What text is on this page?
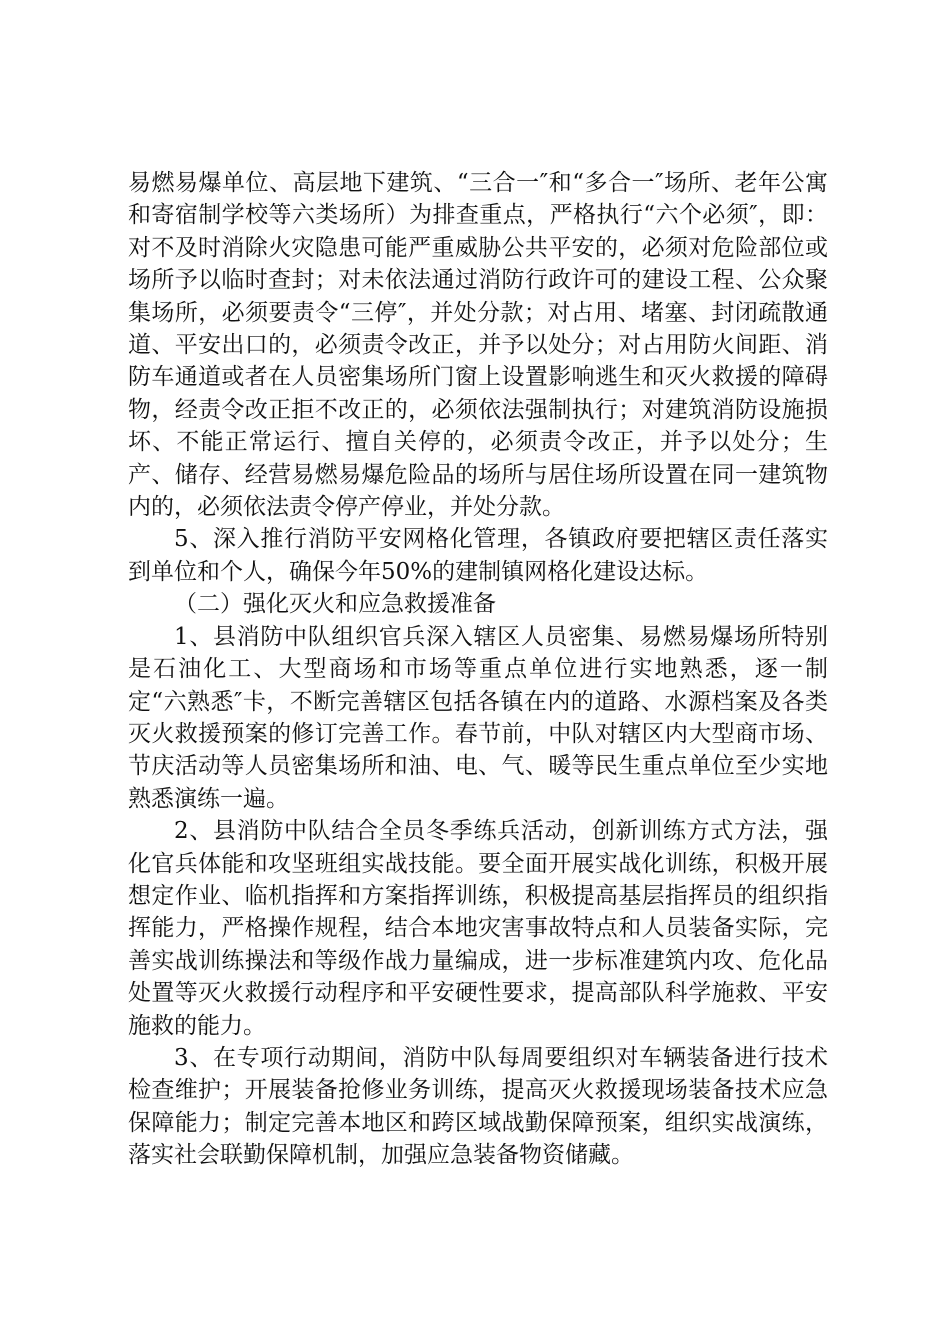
易燃易爆单位、高层地下建筑、“三合一″和“多合一″场所、老年公寓和寄宿制学校等六类场所）为排查重点，严格执行“六个必须″，即：对不及时消除火灾隐患可能严重威胁公共平安的，必须对危险部位或场所予以临时查封；对未依法通过消防行政许可的建设工程、公众聚集场所，必须要责令“三停″，并处分款；对占用、堵塞、封闭疏散通道、平安出口的，必须责令改正，并予以处分；对占用防火间距、消防车通道或者在人员密集场所门窗上设置影响逃生和灭火救援的障碍物，经责令改正拒不改正的，必须依法强制执行；对建筑消防设施损坏、不能正常运行、擅自关停的，必须责令改正，并予以处分；生产、储存、经营易燃易爆危险品的场所与居住场所设置在同一建筑物内的，必须依法责令停产停业，并处分款。

5、深入推行消防平安网格化管理，各镇政府要把辖区责任落实到单位和个人，确保今年50%的建制镇网格化建设达标。

（二）强化灭火和应急救援准备

1、县消防中队组织官兵深入辖区人员密集、易燃易爆场所特别是石油化工、大型商场和市场等重点单位进行实地熟悉，逐一制定“六熟悉″卡，不断完善辖区包括各镇在内的道路、水源档案及各类灭火救援预案的修订完善工作。春节前，中队对辖区内大型商市场、节庆活动等人员密集场所和油、电、气、暖等民生重点单位至少实地熟悉演练一遍。

2、县消防中队结合全员冬季练兵活动，创新训练方式方法，强化官兵体能和攻坚班组实战技能。要全面开展实战化训练，积极开展想定作业、临机指挥和方案指挥训练，积极提高基层指挥员的组织指挥能力，严格操作规程，结合本地灾害事故特点和人员装备实际，完善实战训练操法和等级作战力量编成，进一步标准建筑内攻、危化品处置等灭火救援行动程序和平安硬性要求，提高部队科学施救、平安施救的能力。

3、在专项行动期间，消防中队每周要组织对车辆装备进行技术检查维护；开展装备抢修业务训练，提高灭火救援现场装备技术应急保障能力；制定完善本地区和跨区域战勤保障预案，组织实战演练，落实社会联勤保障机制，加强应急装备物资储藏。
